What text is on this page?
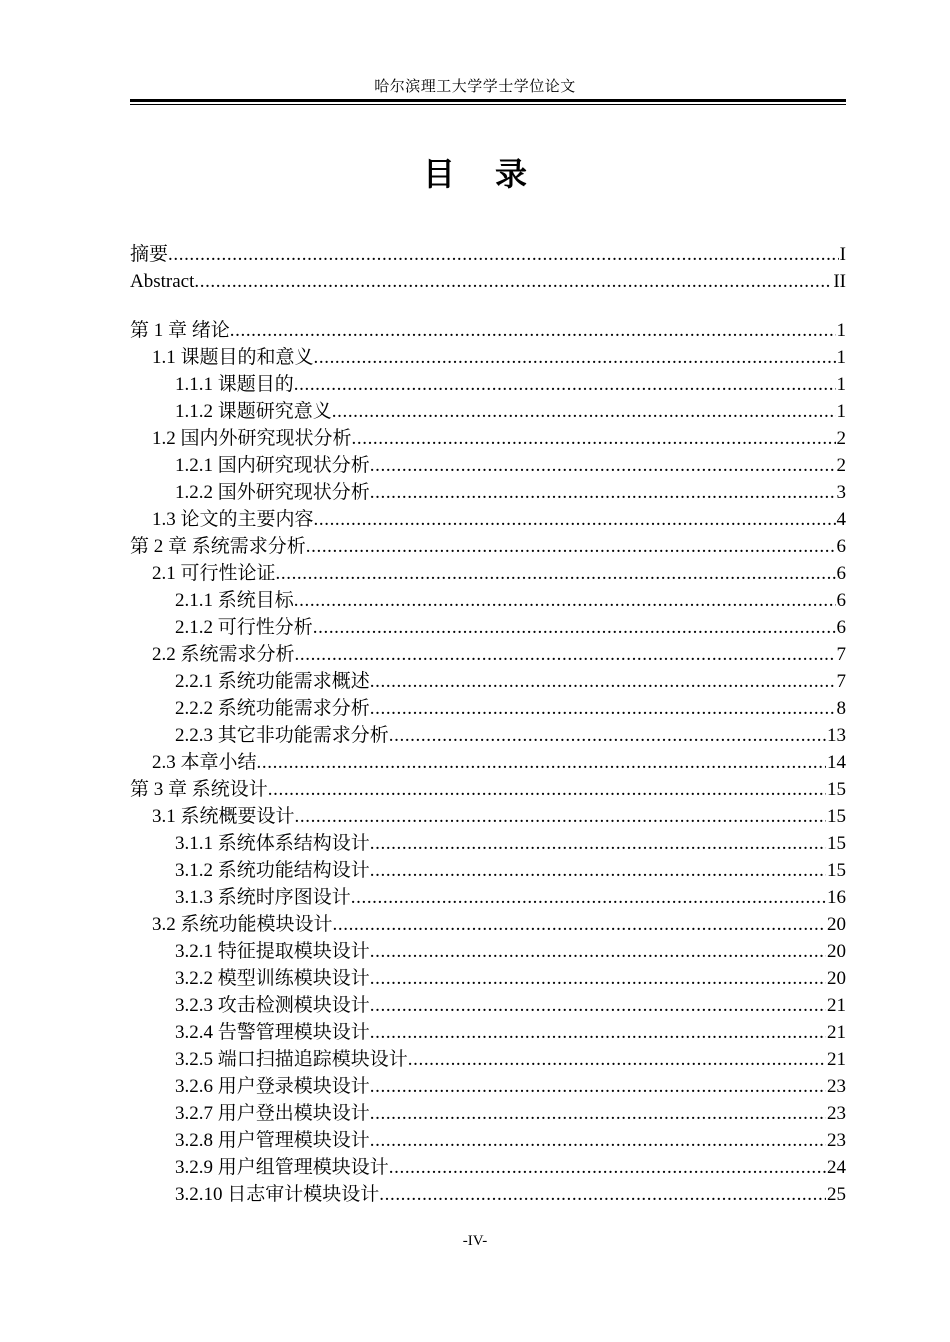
哈尔滨理工大学学士学位论文
目录
摘要 .....	I
Abstract .....	II
第 1 章 绪论 .....	1
1.1 课题目的和意义 .....	1
1.1.1 课题目的 .....	1
1.1.2 课题研究意义 .....	1
1.2 国内外研究现状分析 .....	2
1.2.1 国内研究现状分析 .....	2
1.2.2 国外研究现状分析 .....	3
1.3 论文的主要内容 .....	4
第 2 章 系统需求分析 .....	6
2.1 可行性论证 .....	6
2.1.1 系统目标 .....	6
2.1.2 可行性分析 .....	6
2.2 系统需求分析 .....	7
2.2.1 系统功能需求概述 .....	7
2.2.2 系统功能需求分析 .....	8
2.2.3 其它非功能需求分析 .....	13
2.3 本章小结 .....	14
第 3 章 系统设计 .....	15
3.1 系统概要设计 .....	15
3.1.1 系统体系结构设计 .....	15
3.1.2 系统功能结构设计 .....	15
3.1.3 系统时序图设计 .....	16
3.2 系统功能模块设计 .....	20
3.2.1 特征提取模块设计 .....	20
3.2.2 模型训练模块设计 .....	20
3.2.3 攻击检测模块设计 .....	21
3.2.4 告警管理模块设计 .....	21
3.2.5 端口扫描追踪模块设计 .....	21
3.2.6 用户登录模块设计 .....	23
3.2.7 用户登出模块设计 .....	23
3.2.8 用户管理模块设计 .....	23
3.2.9 用户组管理模块设计 .....	24
3.2.10 日志审计模块设计 .....	25
-IV-
